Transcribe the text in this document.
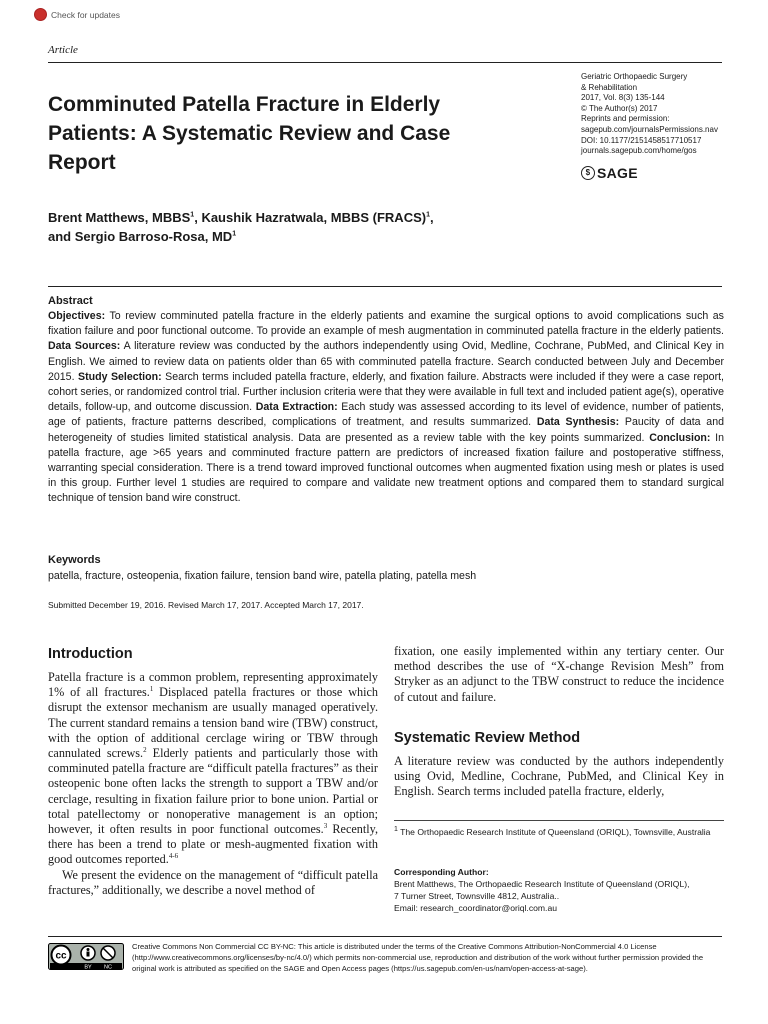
Check for updates
Article
Comminuted Patella Fracture in Elderly Patients: A Systematic Review and Case Report
Geriatric Orthopaedic Surgery
& Rehabilitation
2017, Vol. 8(3) 135-144
© The Author(s) 2017
Reprints and permission:
sagepub.com/journalsPermissions.nav
DOI: 10.1177/2151458517710517
journals.sagepub.com/home/gos
$ SAGE
Brent Matthews, MBBS$^1$, Kaushik Hazratwala, MBBS (FRACS)$^1$,
and Sergio Barroso-Rosa, $MD^1$
Abstract
Objectives: To review comminuted patella fracture in the elderly patients and examine the surgical options to avoid complications such as fixation failure and poor functional outcome. To provide an example of mesh augmentation in comminuted patella fracture in the elderly patients. Data Sources: A literature review was conducted by the authors independently using Ovid, Medline, Cochrane, PubMed, and Clinical Key in English. We aimed to review data on patients older than 65 with comminuted patella fracture. Search conducted between July and December 2015. Study Selection: Search terms included patella fracture, elderly, and fixation failure. Abstracts were included if they were a case report, cohort series, or randomized control trial. Further inclusion criteria were that they were available in full text and included patient age(s), operative details, follow-up, and outcome discussion. Data Extraction: Each study was assessed according to its level of evidence, number of patients, age of patients, fracture patterns described, complications of treatment, and results summarized. Data Synthesis: Paucity of data and heterogeneity of studies limited statistical analysis. Data are presented as a review table with the key points summarized. Conclusion: In patella fracture, age >65 years and comminuted fracture pattern are predictors of increased fixation failure and postoperative stiffness, warranting special consideration. There is a trend toward improved functional outcomes when augmented fixation using mesh or plates is used in this group. Further level 1 studies are required to compare and validate new treatment options and compared them to standard surgical technique of tension band wire construct.
Keywords
patella, fracture, osteopenia, fixation failure, tension band wire, patella plating, patella mesh
Submitted December 19, 2016. Revised March 17, 2017. Accepted March 17, 2017.
Introduction

Patella fracture is a common problem, representing approximately 1% of all fractures.$^1$ Displaced patella fractures or those which disrupt the extensor mechanism are usually managed operatively. The current standard remains a tension band wire (TBW) construct, with the option of additional cerclage wiring or TBW through cannulated screws.$^2$ Elderly patients and particularly those with comminuted patella fracture are “difficult patella fractures” as their osteopenic bone often lacks the strength to support a TBW and/or cerclage, resulting in fixation failure prior to bone union. Partial or total patellectomy or nonoperative management is an option; however, it often results in poor functional outcomes.$^3$ Recently, there has been a trend to plate or mesh-augmented fixation with good outcomes reported.$^{4-6}$

We present the evidence on the management of “difficult patella fractures,” additionally, we describe a novel method of

fixation, one easily implemented within any tertiary center. Our method describes the use of “X-change Revision Mesh” from Stryker as an adjunct to the TBW construct to reduce the incidence of cutout and failure.
Systematic Review Method
A literature review was conducted by the authors independently using Ovid, Medline, Cochrane, PubMed, and Clinical Key in English. Search terms included patella fracture, elderly,
$^1$ The Orthopaedic Research Institute of Queensland (ORIQL), Townsville, Australia
Corresponding Author:
Brent Matthews, The Orthopaedic Research Institute of Queensland (ORIQL),
7 Turner Street, Townsville 4812, Australia..
Email: research_coordinator@oriql.com.au
cc
BY NC
Creative Commons Non Commercial CC BY-NC: This article is distributed under the terms of the Creative Commons Attribution-NonCommercial 4.0 License (http://www.creativecommons.org/licenses/by-nc/4.0/) which permits non-commercial use, reproduction and distribution of the work without further permission provided the original work is attributed as specified on the SAGE and Open Access pages (https://us.sagepub.com/en-us/nam/open-access-at-sage).
